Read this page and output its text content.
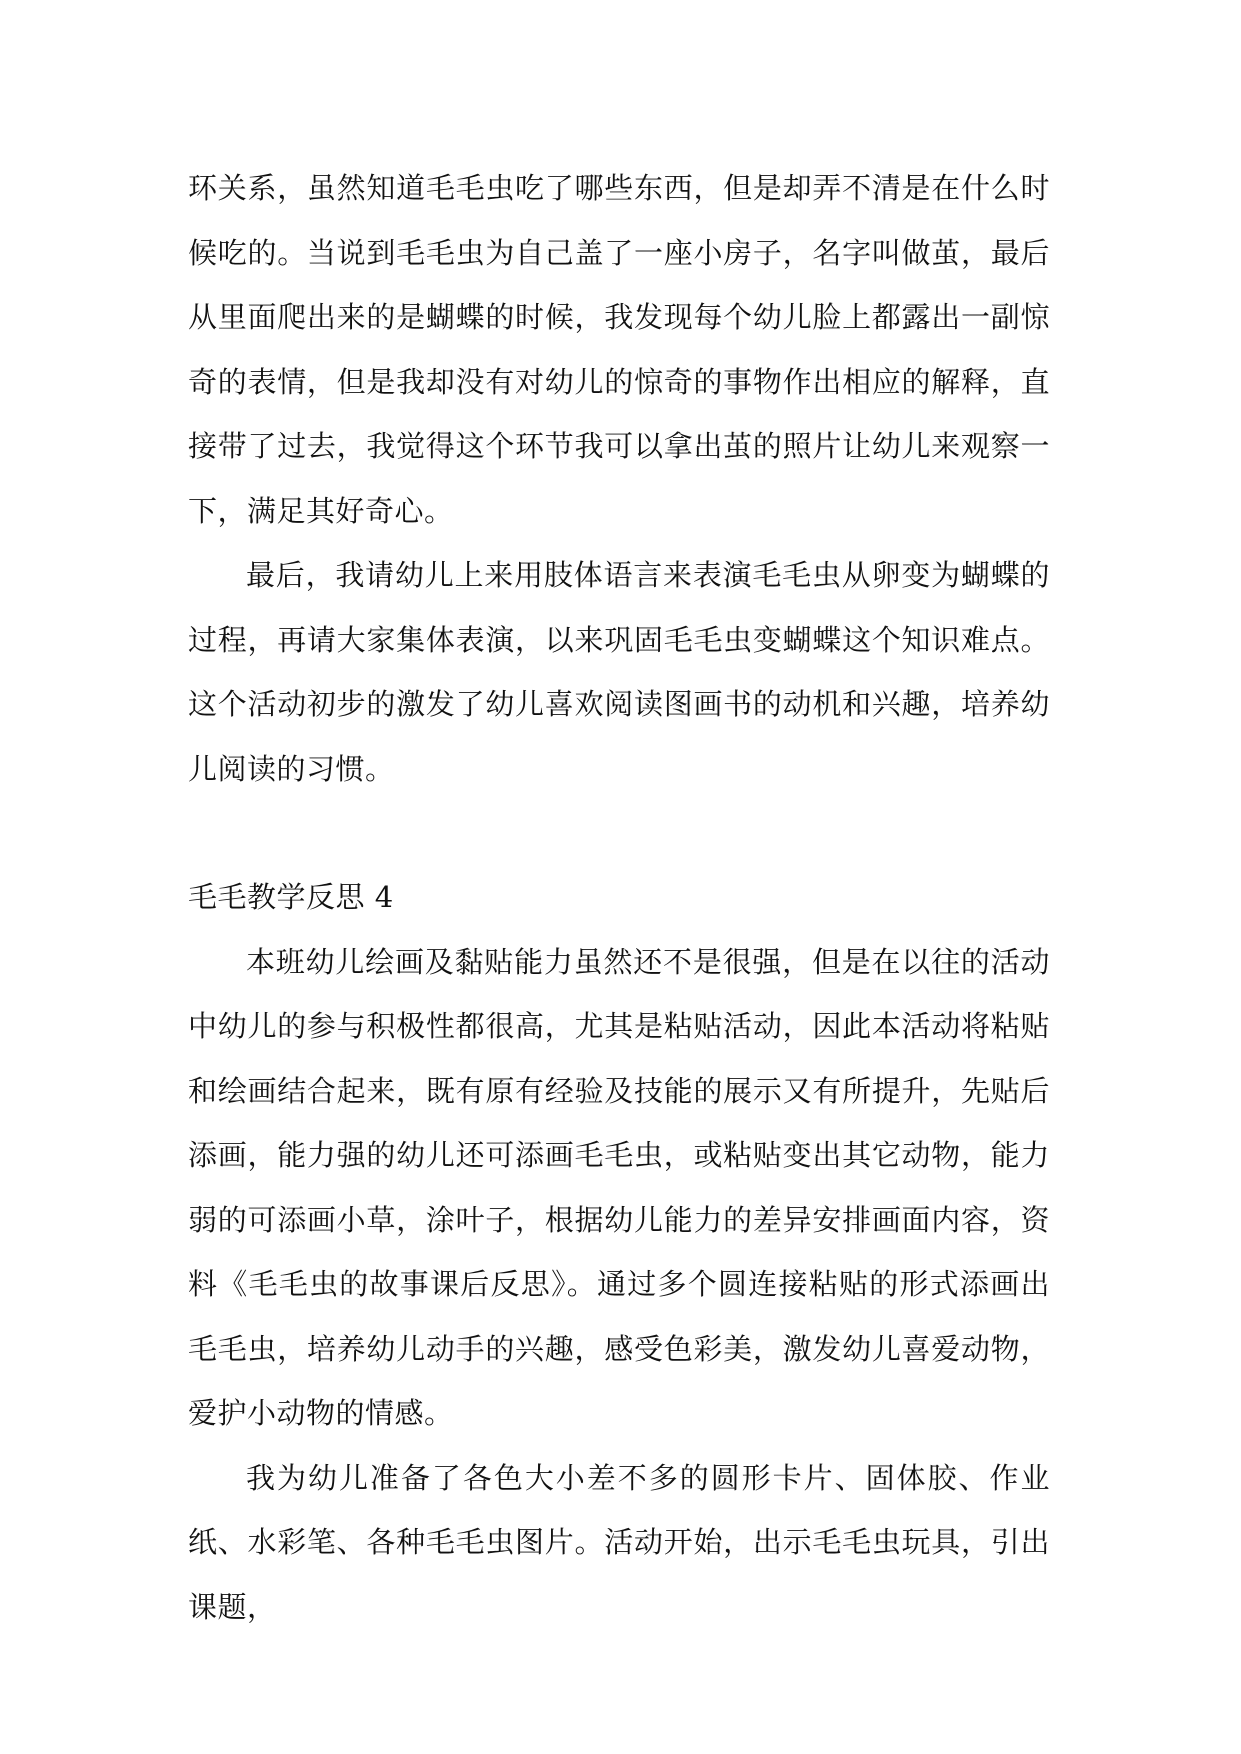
环关系，虽然知道毛毛虫吃了哪些东西，但是却弄不清是在什么时候吃的。当说到毛毛虫为自己盖了一座小房子，名字叫做茧，最后从里面爬出来的是蝴蝶的时候，我发现每个幼儿脸上都露出一副惊奇的表情，但是我却没有对幼儿的惊奇的事物作出相应的解释，直接带了过去，我觉得这个环节我可以拿出茧的照片让幼儿来观察一下，满足其好奇心。

最后，我请幼儿上来用肢体语言来表演毛毛虫从卵变为蝴蝶的过程，再请大家集体表演，以来巩固毛毛虫变蝴蝶这个知识难点。这个活动初步的激发了幼儿喜欢阅读图画书的动机和兴趣，培养幼儿阅读的习惯。

毛毛教学反思 4

本班幼儿绘画及黏贴能力虽然还不是很强，但是在以往的活动中幼儿的参与积极性都很高，尤其是粘贴活动，因此本活动将粘贴和绘画结合起来，既有原有经验及技能的展示又有所提升，先贴后添画，能力强的幼儿还可添画毛毛虫，或粘贴变出其它动物，能力弱的可添画小草，涂叶子，根据幼儿能力的差异安排画面内容，资料《毛毛虫的故事课后反思》。通过多个圆连接粘贴的形式添画出毛毛虫，培养幼儿动手的兴趣，感受色彩美，激发幼儿喜爱动物，爱护小动物的情感。

我为幼儿准备了各色大小差不多的圆形卡片、固体胶、作业纸、水彩笔、各种毛毛虫图片。活动开始，出示毛毛虫玩具，引出课题，
